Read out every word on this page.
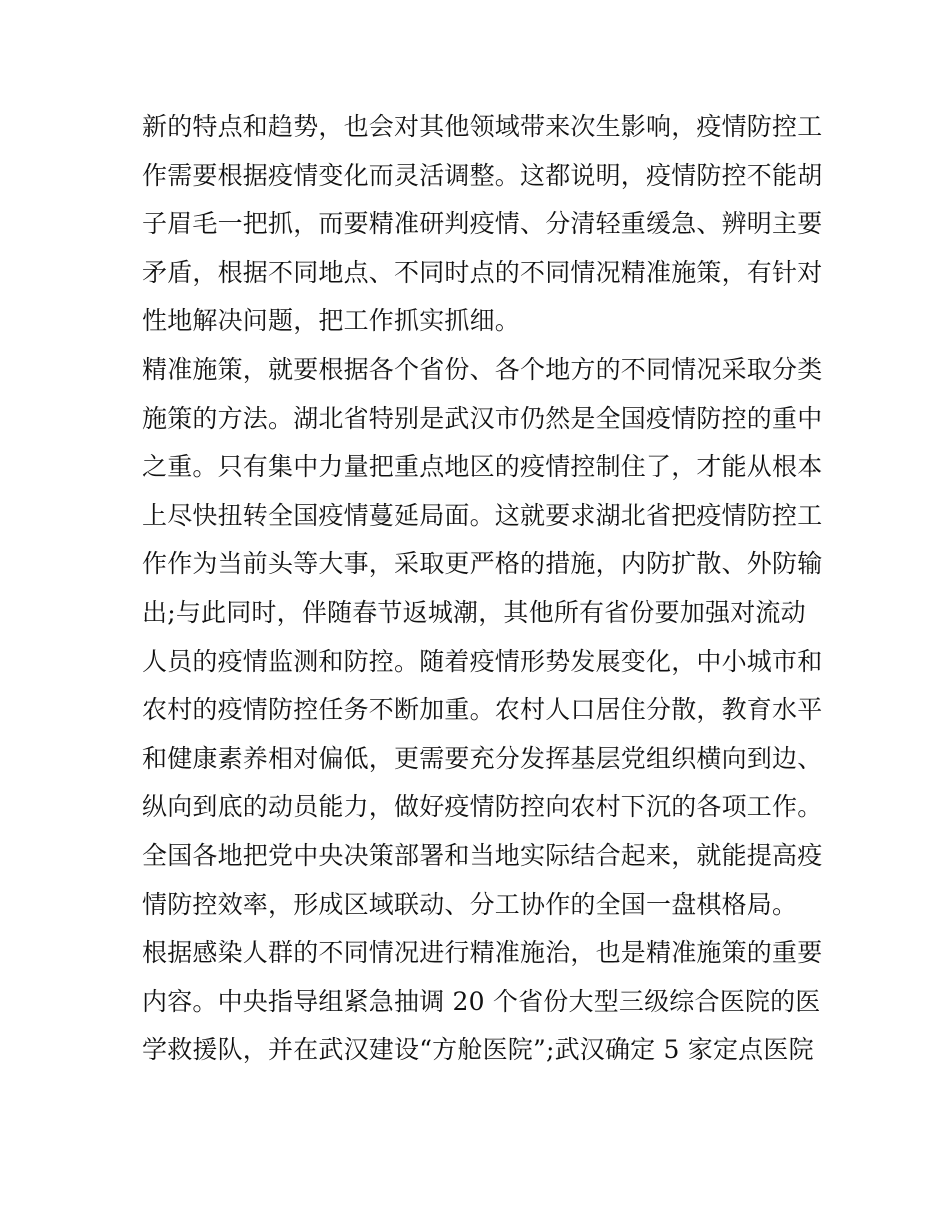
新的特点和趋势，也会对其他领域带来次生影响，疫情防控工
作需要根据疫情变化而灵活调整。这都说明，疫情防控不能胡
子眉毛一把抓，而要精准研判疫情、分清轻重缓急、辨明主要
矛盾，根据不同地点、不同时点的不同情况精准施策，有针对
性地解决问题，把工作抓实抓细。
精准施策，就要根据各个省份、各个地方的不同情况采取分类
施策的方法。湖北省特别是武汉市仍然是全国疫情防控的重中
之重。只有集中力量把重点地区的疫情控制住了，才能从根本
上尽快扭转全国疫情蔓延局面。这就要求湖北省把疫情防控工
作作为当前头等大事，采取更严格的措施，内防扩散、外防输
出;与此同时，伴随春节返城潮，其他所有省份要加强对流动
人员的疫情监测和防控。随着疫情形势发展变化，中小城市和
农村的疫情防控任务不断加重。农村人口居住分散，教育水平
和健康素养相对偏低，更需要充分发挥基层党组织横向到边、
纵向到底的动员能力，做好疫情防控向农村下沉的各项工作。
全国各地把党中央决策部署和当地实际结合起来，就能提高疫
情防控效率，形成区域联动、分工协作的全国一盘棋格局。
根据感染人群的不同情况进行精准施治，也是精准施策的重要
内容。中央指导组紧急抽调 20 个省份大型三级综合医院的医
学救援队，并在武汉建设“方舱医院”;武汉确定 5 家定点医院
